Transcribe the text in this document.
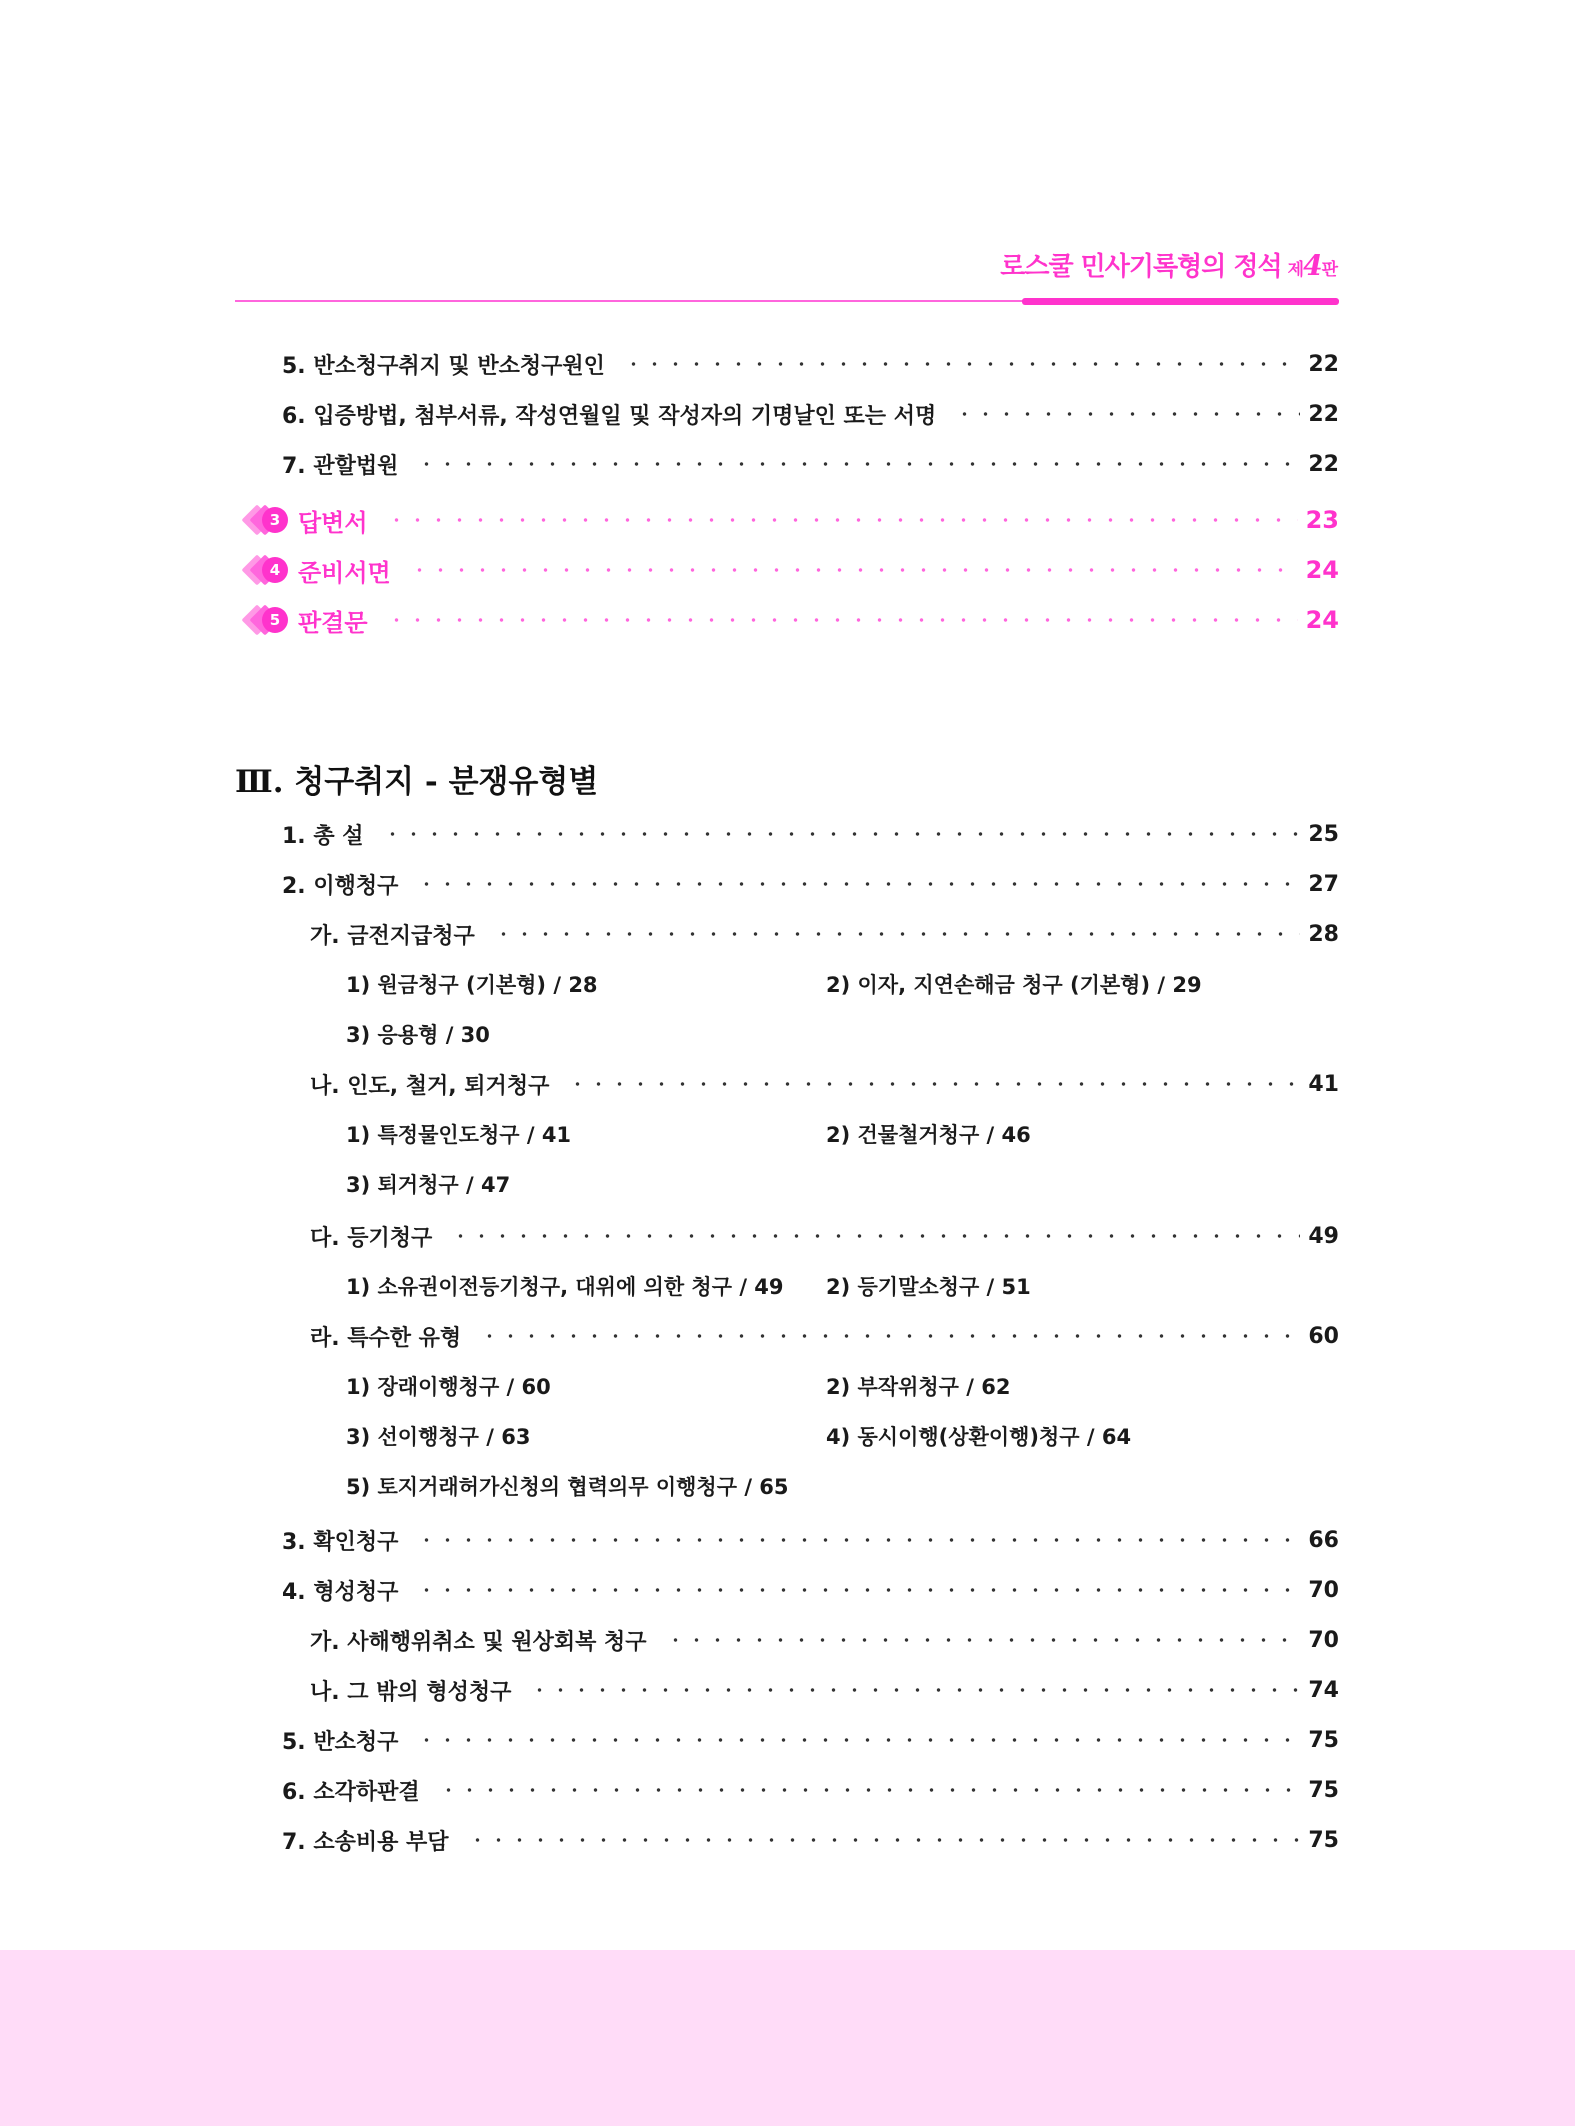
로스쿨 민사기록형의 정석 제4판
5. 반소청구취지 및 반소청구원인	22
6. 입증방법, 첨부서류, 작성연월일 및 작성자의 기명날인 또는 서명	22
7. 관할법원	22
3 답변서	23
4 준비서면	24
5 판결문	24
Ⅲ. 청구취지 - 분쟁유형별
1. 총 설	25
2. 이행청구	27
가. 금전지급청구	28
1) 원금청구 (기본형) / 28	2) 이자, 지연손해금 청구 (기본형) / 29
3) 응용형 / 30
나. 인도, 철거, 퇴거청구	41
1) 특정물인도청구 / 41	2) 건물철거청구 / 46
3) 퇴거청구 / 47
다. 등기청구	49
1) 소유권이전등기청구, 대위에 의한 청구 / 49 2) 등기말소청구 / 51
라. 특수한 유형	60
1) 장래이행청구 / 60	2) 부작위청구 / 62
3) 선이행청구 / 63	4) 동시이행(상환이행)청구 / 64
5) 토지거래허가신청의 협력의무 이행청구 / 65
3. 확인청구	66
4. 형성청구	70
가. 사해행위취소 및 원상회복 청구	70
나. 그 밖의 형성청구	74
5. 반소청구	75
6. 소각하판결	75
7. 소송비용 부담	75
